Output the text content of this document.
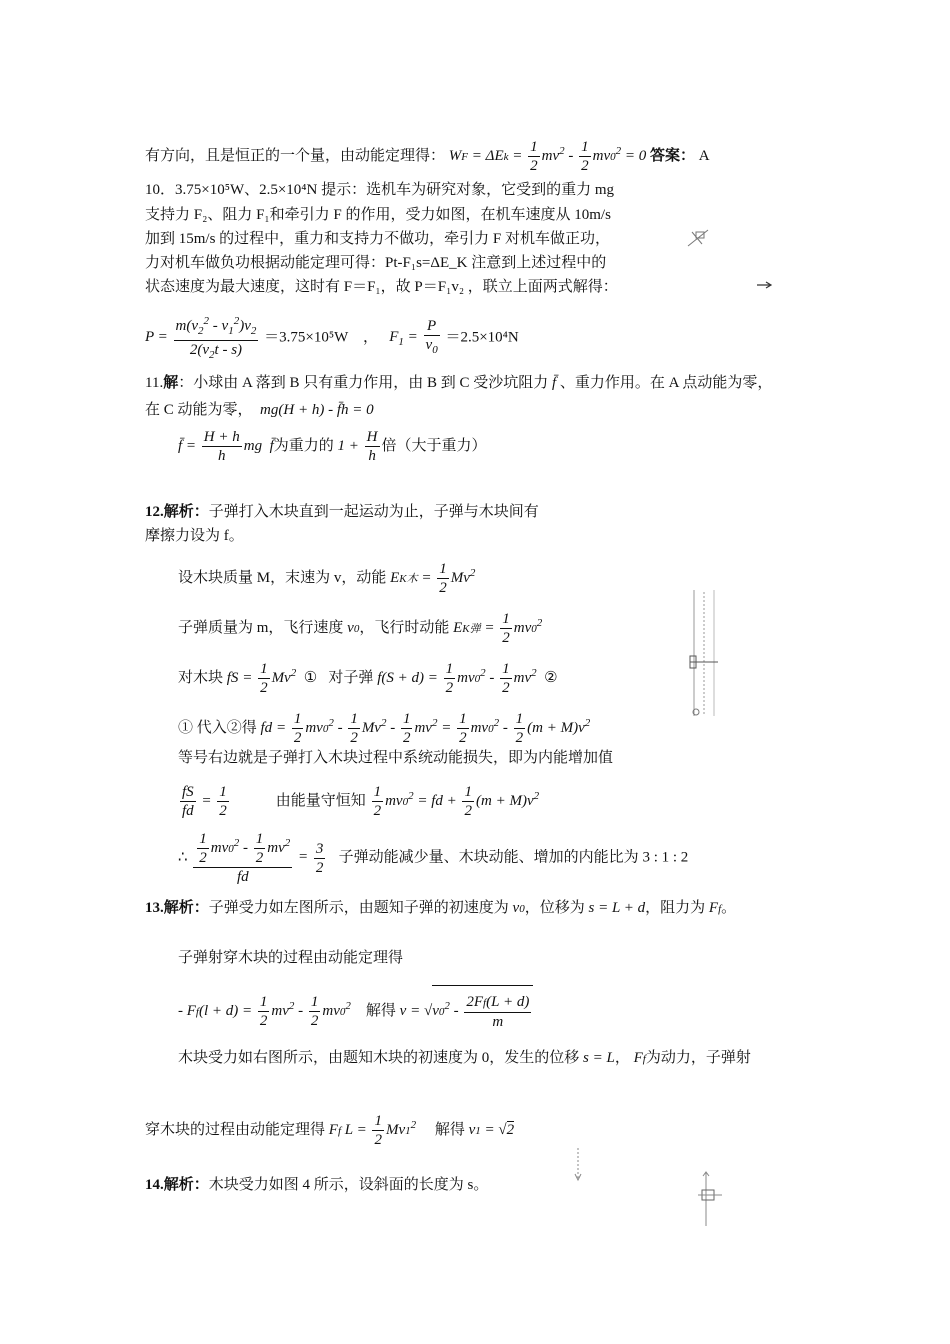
有方向，且是恒正的一个量，由动能定理得： WF = $\Delta Ek = \frac{1}{2} mv^2 - \frac{1}{2} mv0^2 = 0$ 答案： A
10．3.75×10⁵W、2.5×10⁴N 提示：选机车为研究对象，它受到的重力 mg
支持力 F₂、阻力 F₁和牵引力 F 的作用，受力如图，在机车速度从 10m/s
加到 15m/s 的过程中，重力和支持力不做功，牵引力 F 对机车做正功，
力对机车做负功根据动能定理可得：Pt-F₁s=ΔE_K 注意到上述过程中的
状态速度为最大速度，这时有 F＝F₁，故 P＝F₁v₂ ，联立上面两式解得：
$P = \frac{m(v_2^2 - v_1^2)v_2}{2(v_2t - s)} =3.75\times 10^5W$ ， $F_1 = \frac{P}{v_0} =2.5\times 10^4N$
11.解：小球由 A 落到 B 只有重力作用，由 B 到 C 受沙坑阻力 f̄ 、重力作用。在 A 点动能为零，
在 C 动能为零， mg(H + h) - f̄h = 0
f̄ = $\frac{H + h}{h}$ mg f̄为重力的 $1 + \frac{H}{h}$ 倍（大于重力）
12.解析：子弹打入木块直到一起运动为止，子弹与木块间有
摩擦力设为 f。
设木块质量 M，末速为 v，动能 EK木 = $\frac{1}{2} Mv^2$
子弹质量为 m，飞行速度 v0，飞行时动能 EK弹 = $\frac{1}{2} mv0^2$
对木块 fS = $\frac{1}{2} Mv^2$ ① 对子弹 $f(S + d) = \frac{1}{2} mv0^2 - \frac{1}{2} mv^2$ ②
① 代入②得 fd = $\frac{1}{2} mv0^2 - \frac{1}{2} Mv^2 - \frac{1}{2} mv^2 = \frac{1}{2} mv0^2 - \frac{1}{2} (m + M)v^2$
等号右边就是子弹打入木块过程中系统动能损失，即为内能增加值
$\frac{fS}{fd} = \frac{1}{2}$	由能量守恒知 $\frac{1}{2} mv0^2$ = fd + $\frac{1}{2} (m + M)v^2$
∴ $\frac{\frac{1}{2} mv0^2 - \frac{1}{2} mv^2}{fd} = \frac{3}{2}$ 子弹动能减少量、木块动能、增加的内能比为 3 : 1 : 2
13.解析：子弹受力如左图所示，由题知子弹的初速度为 v0，位移为 s = L + d，阻力为 Ff。
子弹射穿木块的过程由动能定理得
- $Ff(l + d) = \frac{1}{2} mv^2 - \frac{1}{2} mv0^2$ 解得 $v = √v0^2 - \frac{2Ff(L + d)}{m}$
木块受力如右图所示，由题知木块的初速度为 0，发生的位移 s = L， Ff为动力，子弹射
穿木块的过程由动能定理得 Ff $L = \frac{1}{2} Mv1^2$ 解得 v1 = √2
14.解析：木块受力如图 4 所示，设斜面的长度为 s。
